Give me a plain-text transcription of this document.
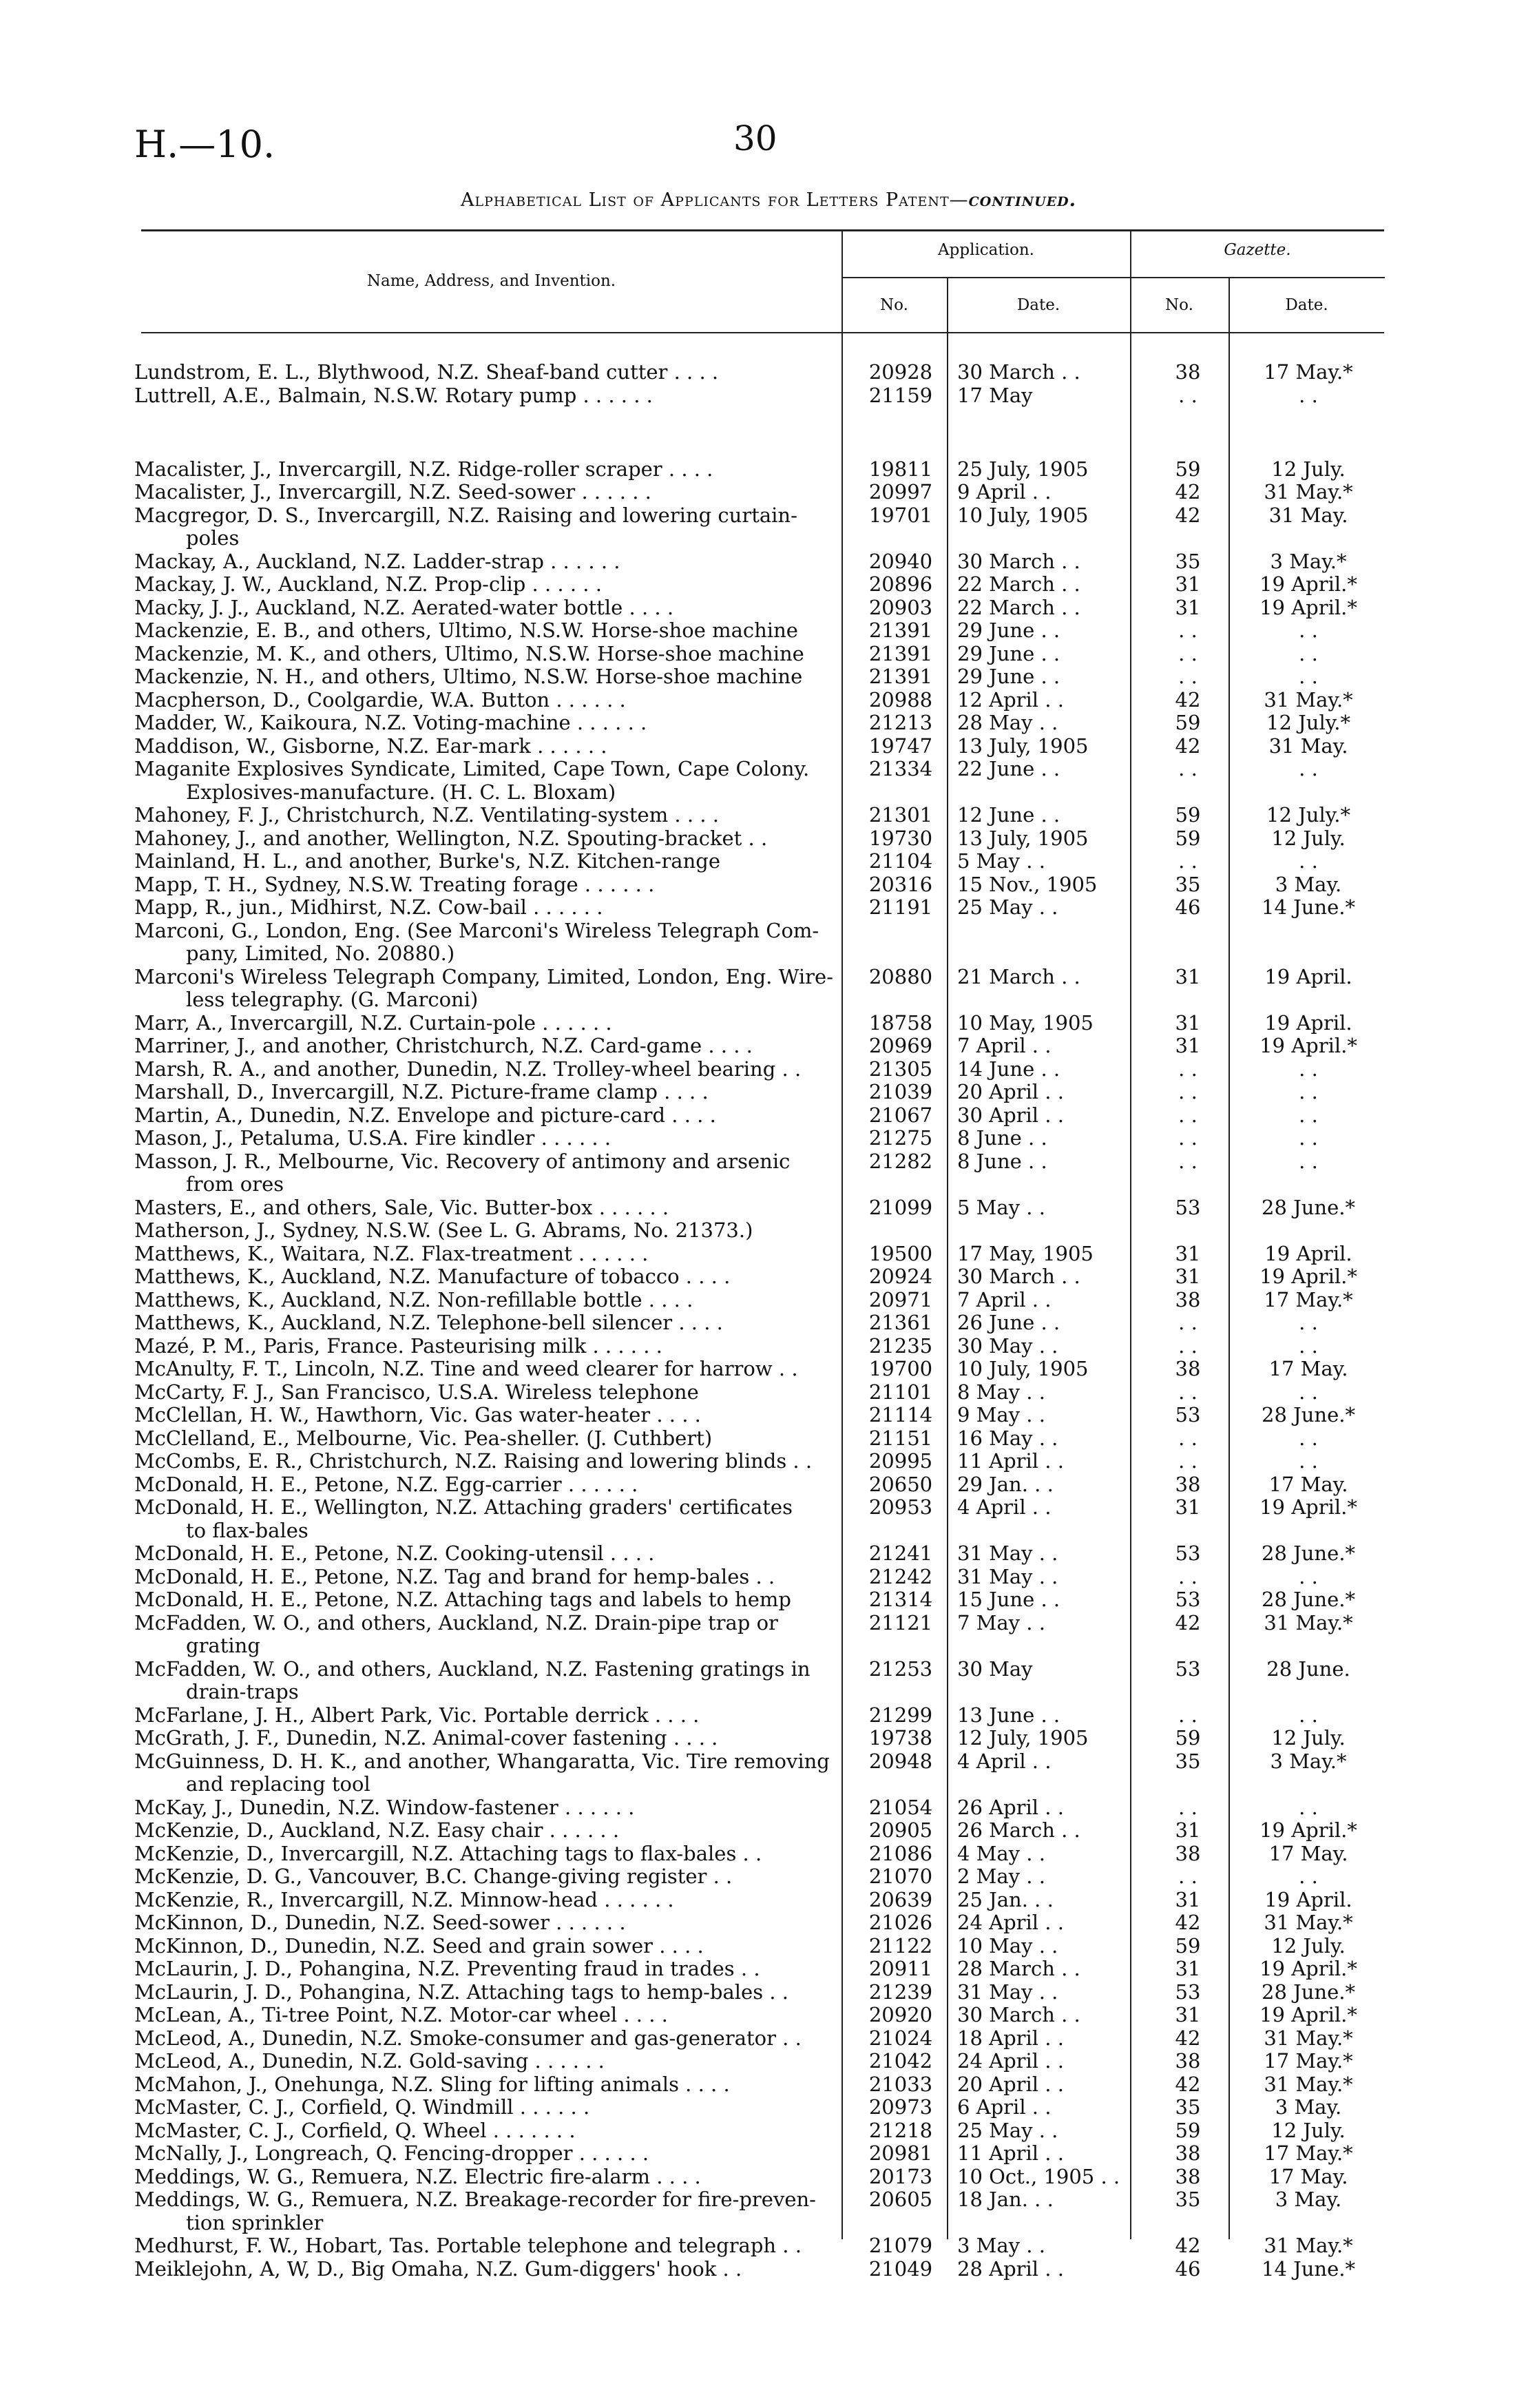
H.—10.	30
Alphabetical List of Applicants for Letters Patent—continued.
Name, Address, and Invention.
Application.	Gazette.
No.	Date.	No.	Date.
Lundstrom, E. L., Blythwood, N.Z. Sheaf-band cutter . . . .	20928	30 March . .	38	17 May.*
Luttrell, A.E., Balmain, N.S.W. Rotary pump . . . . . .	21159	17 May	. .	. .
Macalister, J., Invercargill, N.Z. Ridge-roller scraper . . . .	19811	25 July, 1905	59	12 July.
Macalister, J., Invercargill, N.Z. Seed-sower . . . . . .	20997	9 April . .	42	31 May.*
Macgregor, D. S., Invercargill, N.Z. Raising and lowering curtain-	19701	10 July, 1905	42	31 May.
poles
Mackay, A., Auckland, N.Z. Ladder-strap . . . . . .	20940	30 March . .	35	3 May.*
Mackay, J. W., Auckland, N.Z. Prop-clip . . . . . .	20896	22 March . .	31	19 April.*
Macky, J. J., Auckland, N.Z. Aerated-water bottle . . . .	20903	22 March . .	31	19 April.*
Mackenzie, E. B., and others, Ultimo, N.S.W. Horse-shoe machine	21391	29 June . .	. .	. .
Mackenzie, M. K., and others, Ultimo, N.S.W. Horse-shoe machine	21391	29 June . .	. .	. .
Mackenzie, N. H., and others, Ultimo, N.S.W. Horse-shoe machine	21391	29 June . .	. .	. .
Macpherson, D., Coolgardie, W.A. Button . . . . . .	20988	12 April . .	42	31 May.*
Madder, W., Kaikoura, N.Z. Voting-machine . . . . . .	21213	28 May . .	59	12 July.*
Maddison, W., Gisborne, N.Z. Ear-mark . . . . . .	19747	13 July, 1905	42	31 May.
Maganite Explosives Syndicate, Limited, Cape Town, Cape Colony.	21334	22 June . .	. .	. .
Explosives-manufacture. (H. C. L. Bloxam)
Mahoney, F. J., Christchurch, N.Z. Ventilating-system . . . .	21301	12 June . .	59	12 July.*
Mahoney, J., and another, Wellington, N.Z. Spouting-bracket . .	19730	13 July, 1905	59	12 July.
Mainland, H. L., and another, Burke's, N.Z. Kitchen-range	21104	5 May . .	. .	. .
Mapp, T. H., Sydney, N.S.W. Treating forage . . . . . .	20316	15 Nov., 1905	35	3 May.
Mapp, R., jun., Midhirst, N.Z. Cow-bail . . . . . .	21191	25 May . .	46	14 June.*
Marconi, G., London, Eng. (See Marconi's Wireless Telegraph Com-
pany, Limited, No. 20880.)
Marconi's Wireless Telegraph Company, Limited, London, Eng. Wire-	20880	21 March . .	31	19 April.
less telegraphy. (G. Marconi)
Marr, A., Invercargill, N.Z. Curtain-pole . . . . . .	18758	10 May, 1905	31	19 April.
Marriner, J., and another, Christchurch, N.Z. Card-game . . . .	20969	7 April . .	31	19 April.*
Marsh, R. A., and another, Dunedin, N.Z. Trolley-wheel bearing . .	21305	14 June . .	. .	. .
Marshall, D., Invercargill, N.Z. Picture-frame clamp . . . .	21039	20 April . .	. .	. .
Martin, A., Dunedin, N.Z. Envelope and picture-card . . . .	21067	30 April . .	. .	. .
Mason, J., Petaluma, U.S.A. Fire kindler . . . . . .	21275	8 June . .	. .	. .
Masson, J. R., Melbourne, Vic. Recovery of antimony and arsenic	21282	8 June . .	. .	. .
from ores
Masters, E., and others, Sale, Vic. Butter-box . . . . . .	21099	5 May . .	53	28 June.*
Matherson, J., Sydney, N.S.W. (See L. G. Abrams, No. 21373.)
Matthews, K., Waitara, N.Z. Flax-treatment . . . . . .	19500	17 May, 1905	31	19 April.
Matthews, K., Auckland, N.Z. Manufacture of tobacco . . . .	20924	30 March . .	31	19 April.*
Matthews, K., Auckland, N.Z. Non-refillable bottle . . . .	20971	7 April . .	38	17 May.*
Matthews, K., Auckland, N.Z. Telephone-bell silencer . . . .	21361	26 June . .	. .	. .
Mazé, P. M., Paris, France. Pasteurising milk . . . . . .	21235	30 May . .	. .	. .
McAnulty, F. T., Lincoln, N.Z. Tine and weed clearer for harrow . .	19700	10 July, 1905	38	17 May.
McCarty, F. J., San Francisco, U.S.A. Wireless telephone	21101	8 May . .	. .	. .
McClellan, H. W., Hawthorn, Vic. Gas water-heater . . . .	21114	9 May . .	53	28 June.*
McClelland, E., Melbourne, Vic. Pea-sheller. (J. Cuthbert)	21151	16 May . .	. .	. .
McCombs, E. R., Christchurch, N.Z. Raising and lowering blinds . .	20995	11 April . .	. .	. .
McDonald, H. E., Petone, N.Z. Egg-carrier . . . . . .	20650	29 Jan. . .	38	17 May.
McDonald, H. E., Wellington, N.Z. Attaching graders' certificates	20953	4 April . .	31	19 April.*
to flax-bales
McDonald, H. E., Petone, N.Z. Cooking-utensil . . . .	21241	31 May . .	53	28 June.*
McDonald, H. E., Petone, N.Z. Tag and brand for hemp-bales . .	21242	31 May . .	. .	. .
McDonald, H. E., Petone, N.Z. Attaching tags and labels to hemp	21314	15 June . .	53	28 June.*
McFadden, W. O., and others, Auckland, N.Z. Drain-pipe trap or	21121	7 May . .	42	31 May.*
grating
McFadden, W. O., and others, Auckland, N.Z. Fastening gratings in	21253	30 May	53	28 June.
drain-traps
McFarlane, J. H., Albert Park, Vic. Portable derrick . . . .	21299	13 June . .	. .	. .
McGrath, J. F., Dunedin, N.Z. Animal-cover fastening . . . .	19738	12 July, 1905	59	12 July.
McGuinness, D. H. K., and another, Whangaratta, Vic. Tire removing	20948	4 April . .	35	3 May.*
and replacing tool
McKay, J., Dunedin, N.Z. Window-fastener . . . . . .	21054	26 April . .	. .	. .
McKenzie, D., Auckland, N.Z. Easy chair . . . . . .	20905	26 March . .	31	19 April.*
McKenzie, D., Invercargill, N.Z. Attaching tags to flax-bales . .	21086	4 May . .	38	17 May.
McKenzie, D. G., Vancouver, B.C. Change-giving register . .	21070	2 May . .	. .	. .
McKenzie, R., Invercargill, N.Z. Minnow-head . . . . . .	20639	25 Jan. . .	31	19 April.
McKinnon, D., Dunedin, N.Z. Seed-sower . . . . . .	21026	24 April . .	42	31 May.*
McKinnon, D., Dunedin, N.Z. Seed and grain sower . . . .	21122	10 May . .	59	12 July.
McLaurin, J. D., Pohangina, N.Z. Preventing fraud in trades . .	20911	28 March . .	31	19 April.*
McLaurin, J. D., Pohangina, N.Z. Attaching tags to hemp-bales . .	21239	31 May . .	53	28 June.*
McLean, A., Ti-tree Point, N.Z. Motor-car wheel . . . .	20920	30 March . .	31	19 April.*
McLeod, A., Dunedin, N.Z. Smoke-consumer and gas-generator . .	21024	18 April . .	42	31 May.*
McLeod, A., Dunedin, N.Z. Gold-saving . . . . . .	21042	24 April . .	38	17 May.*
McMahon, J., Onehunga, N.Z. Sling for lifting animals . . . .	21033	20 April . .	42	31 May.*
McMaster, C. J., Corfield, Q. Windmill . . . . . .	20973	6 April . .	35	3 May.
McMaster, C. J., Corfield, Q. Wheel . . . . . . .	21218	25 May . .	59	12 July.
McNally, J., Longreach, Q. Fencing-dropper . . . . . .	20981	11 April . .	38	17 May.*
Meddings, W. G., Remuera, N.Z. Electric fire-alarm . . . .	20173	10 Oct., 1905 . .	38	17 May.
Meddings, W. G., Remuera, N.Z. Breakage-recorder for fire-preven-	20605	18 Jan. . .	35	3 May.
tion sprinkler
Medhurst, F. W., Hobart, Tas. Portable telephone and telegraph . .	21079	3 May . .	42	31 May.*
Meiklejohn, A, W, D., Big Omaha, N.Z. Gum-diggers' hook . .	21049	28 April . .	46	14 June.*
